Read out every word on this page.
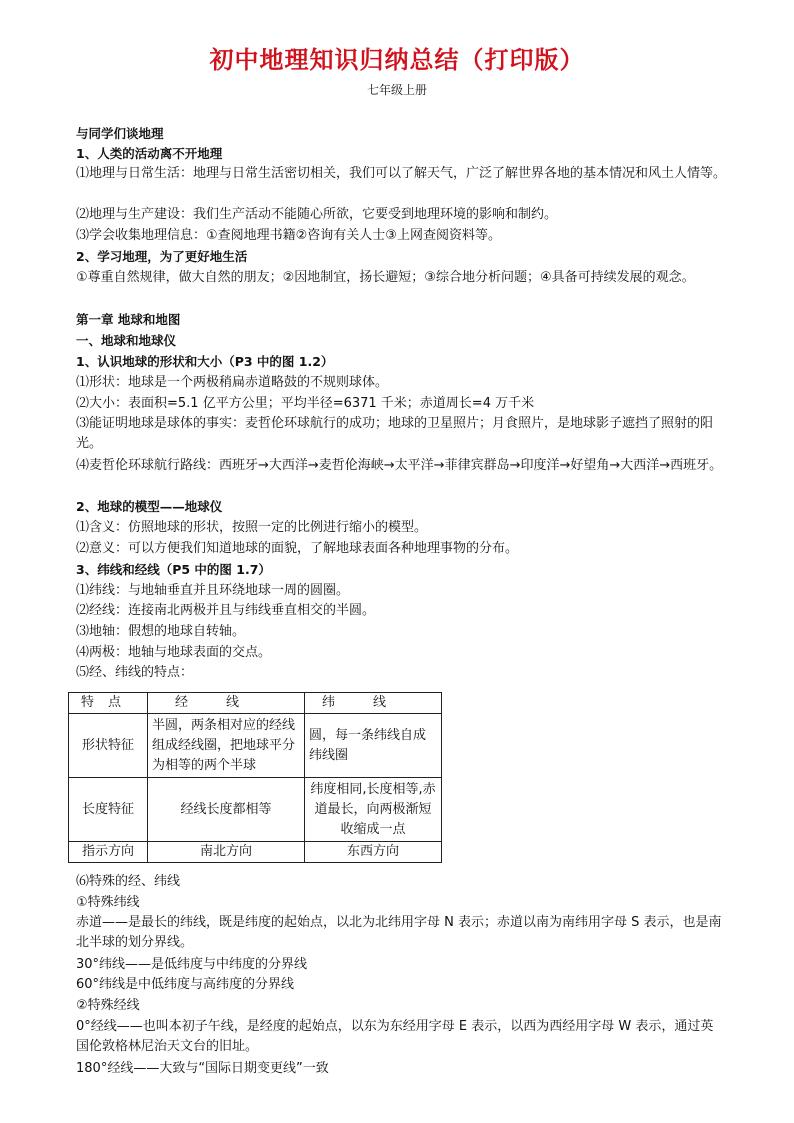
初中地理知识归纳总结（打印版）
七年级上册
与同学们谈地理
1、人类的活动离不开地理
⑴地理与日常生活：地理与日常生活密切相关，我们可以了解天气，广泛了解世界各地的基本情况和风土人情等。
⑵地理与生产建设：我们生产活动不能随心所欲，它要受到地理环境的影响和制约。
⑶学会收集地理信息：①查阅地理书籍②咨询有关人士③上网查阅资料等。
2、学习地理，为了更好地生活
①尊重自然规律，做大自然的朋友；②因地制宜，扬长避短；③综合地分析问题；④具备可持续发展的观念。
第一章 地球和地图
一、地球和地球仪
1、认识地球的形状和大小（P3 中的图 1.2）
⑴形状：地球是一个两极稍扁赤道略鼓的不规则球体。
⑵大小：表面积=5.1 亿平方公里；平均半径=6371 千米；赤道周长=4 万千米
⑶能证明地球是球体的事实：麦哲伦环球航行的成功；地球的卫星照片；月食照片，是地球影子遮挡了照射的阳光。
⑷麦哲伦环球航行路线：西班牙→大西洋→麦哲伦海峡→太平洋→菲律宾群岛→印度洋→好望角→大西洋→西班牙。
2、地球的模型——地球仪
⑴含义：仿照地球的形状，按照一定的比例进行缩小的模型。
⑵意义：可以方便我们知道地球的面貌，了解地球表面各种地理事物的分布。
3、纬线和经线（P5 中的图 1.7）
⑴纬线：与地轴垂直并且环绕地球一周的圆圈。
⑵经线：连接南北两极并且与纬线垂直相交的半圆。
⑶地轴：假想的地球自转轴。
⑷两极：地轴与地球表面的交点。
⑸经、纬线的特点：
特点	经线	纬线
形状特征	半圆，两条相对应的经线组成经线圈，把地球平分为相等的两个半球	圆，每一条纬线自成纬线圈
长度特征	经线长度都相等	纬度相同,长度相等,赤道最长，向两极渐短收缩成一点
指示方向	南北方向	东西方向
⑹特殊的经、纬线
①特殊纬线
赤道——是最长的纬线，既是纬度的起始点，以北为北纬用字母 N 表示；赤道以南为南纬用字母 S 表示，也是南北半球的划分界线。
30°纬线——是低纬度与中纬度的分界线
60°纬线是中低纬度与高纬度的分界线
②特殊经线
0°经线——也叫本初子午线，是经度的起始点，以东为东经用字母 E 表示，以西为西经用字母 W 表示，通过英国伦敦格林尼治天文台的旧址。
180°经线——大致与“国际日期变更线”一致
